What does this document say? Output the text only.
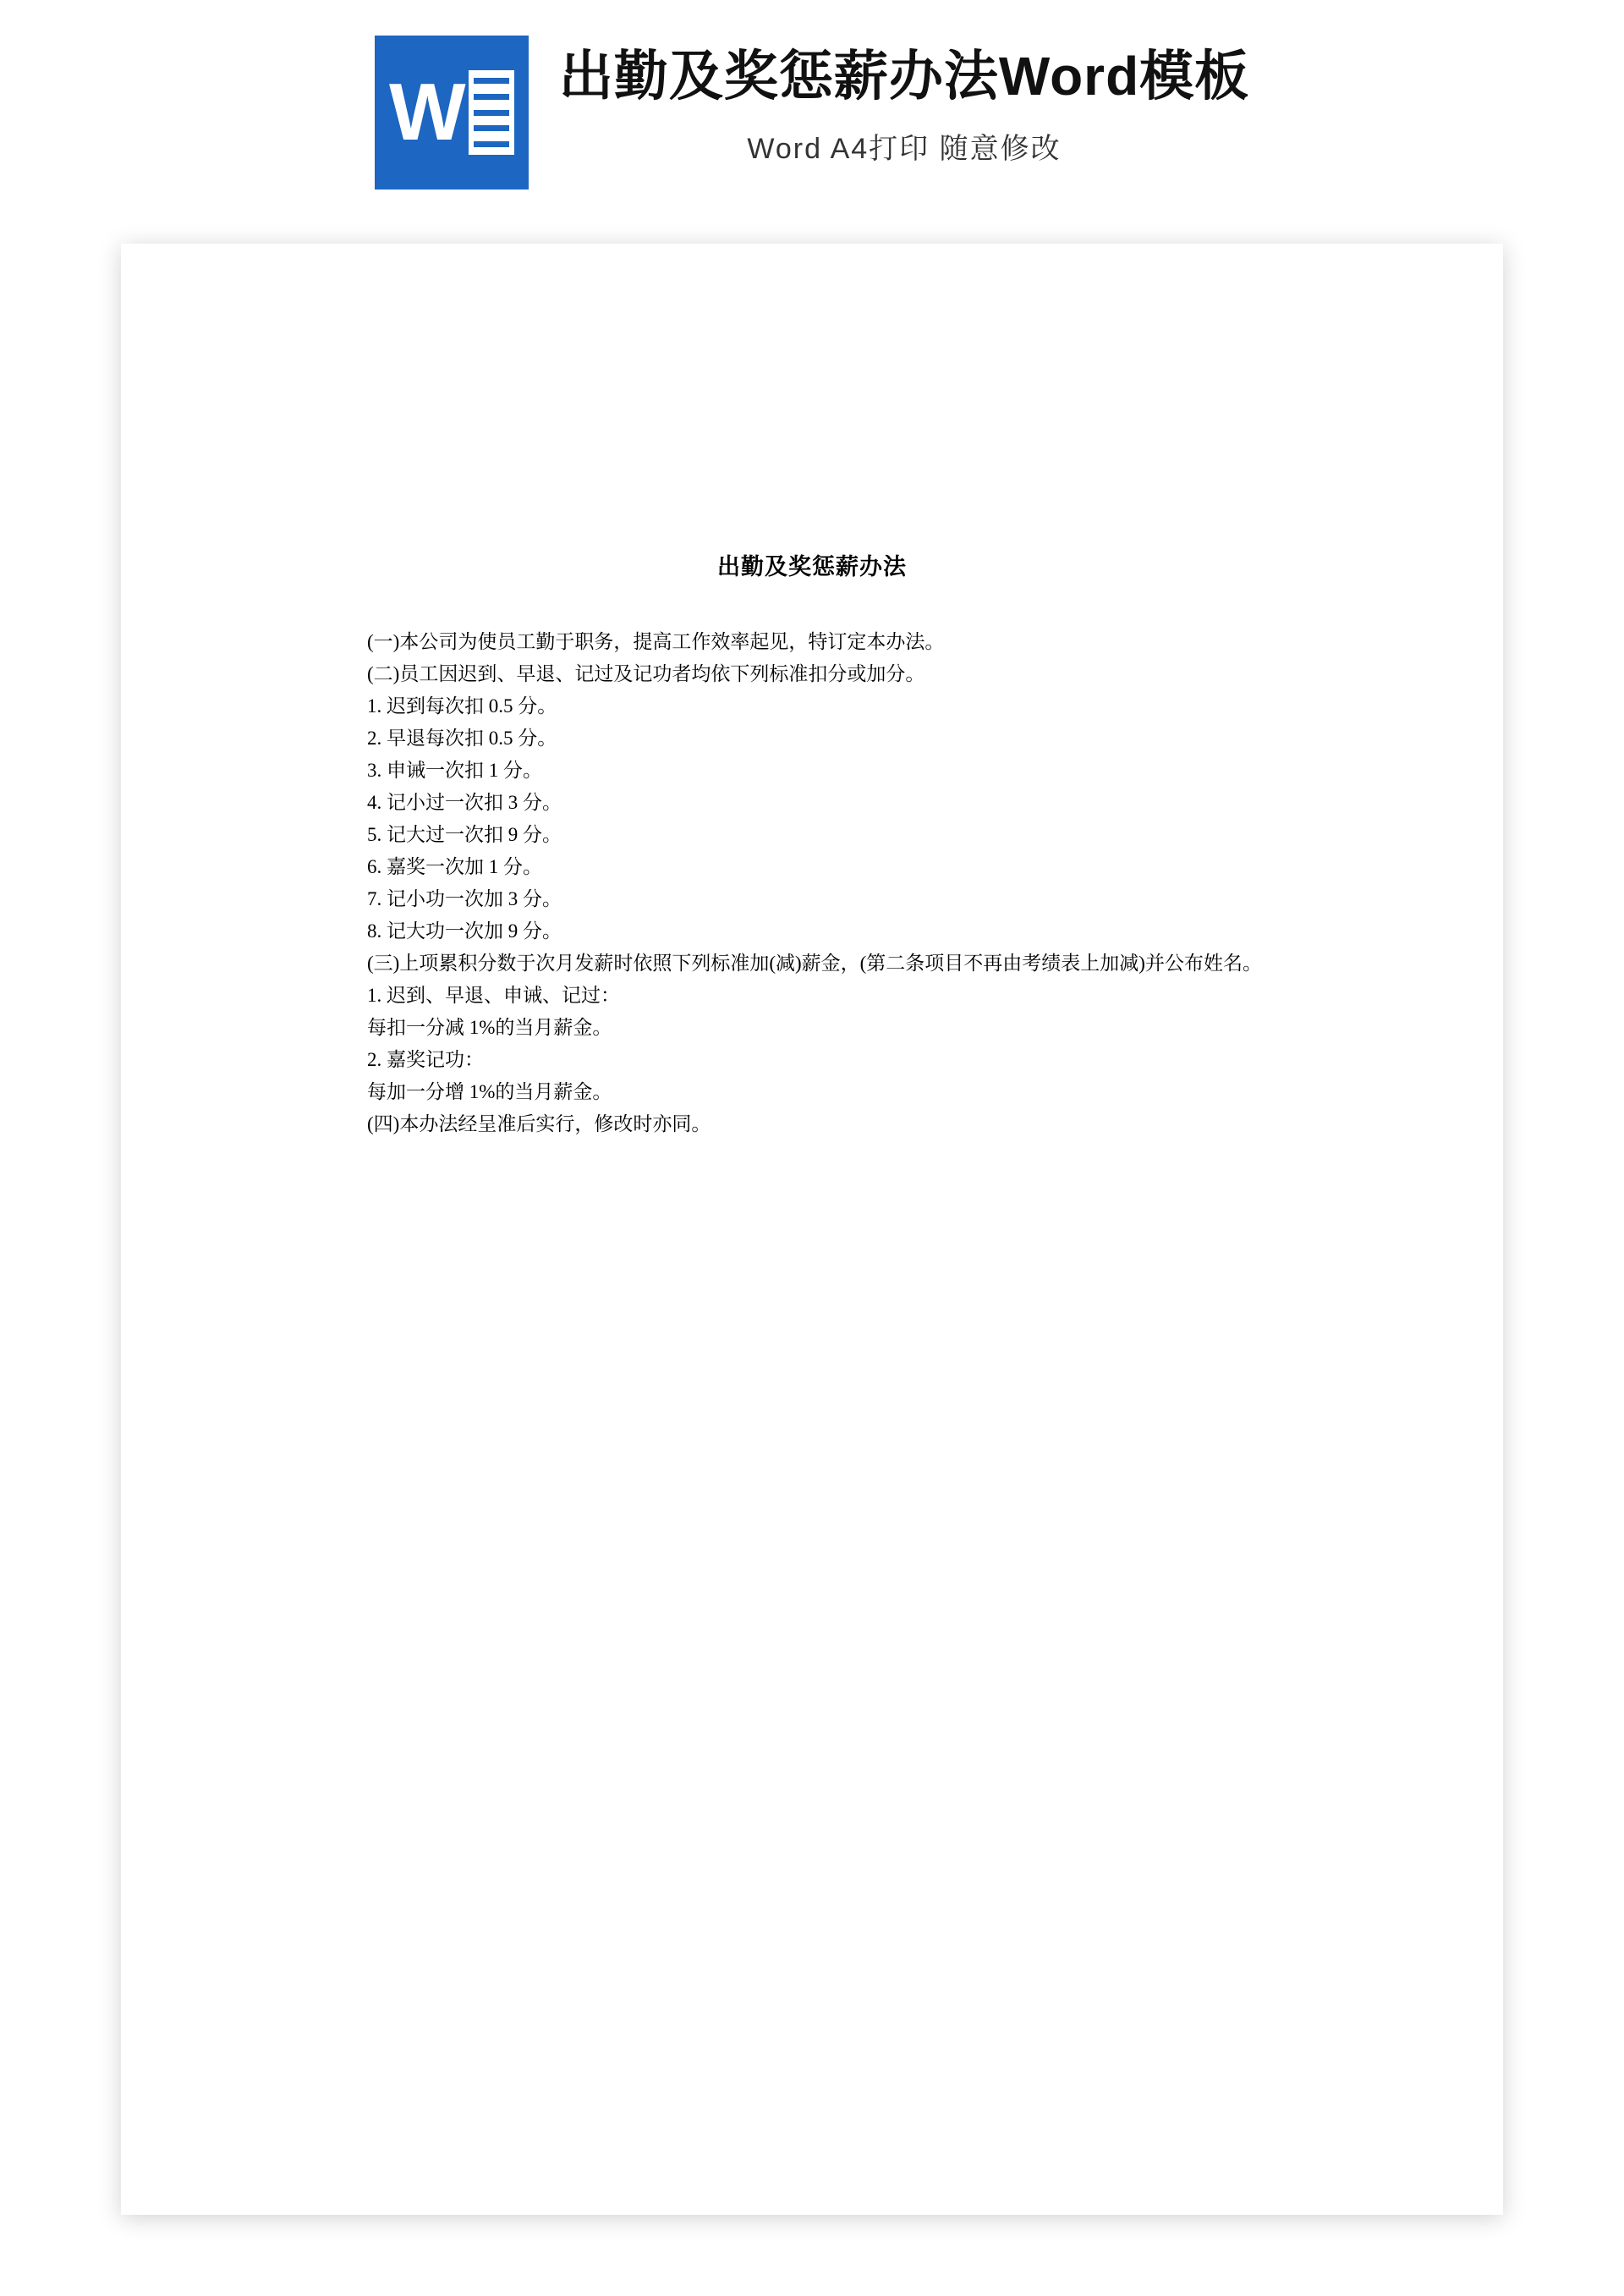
W 出勤及奖惩薪办法Word模板
Word A4打印 随意修改
出勤及奖惩薪办法
(一)本公司为使员工勤于职务，提高工作效率起见，特订定本办法。
(二)员工因迟到、早退、记过及记功者均依下列标准扣分或加分。
1. 迟到每次扣 0.5 分。
2. 早退每次扣 0.5 分。
3. 申诫一次扣 1 分。
4. 记小过一次扣 3 分。
5. 记大过一次扣 9 分。
6. 嘉奖一次加 1 分。
7. 记小功一次加 3 分。
8. 记大功一次加 9 分。
(三)上项累积分数于次月发薪时依照下列标准加(减)薪金，(第二条项目不再由考绩表上加减)并公布姓名。
1. 迟到、早退、申诫、记过：
每扣一分减 1%的当月薪金。
2. 嘉奖记功：
每加一分增 1%的当月薪金。
(四)本办法经呈准后实行，修改时亦同。
